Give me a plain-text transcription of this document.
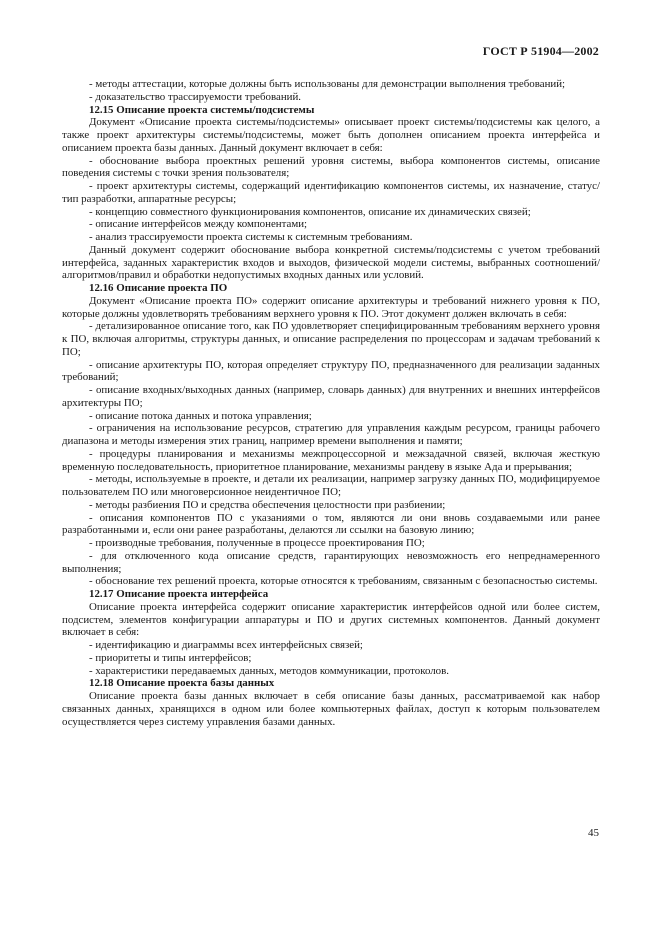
ГОСТ Р 51904—2002

- методы аттестации, которые должны быть использованы для демонстрации выполнения требований;

- доказательство трассируемости требований.

12.15 Описание проекта системы/подсистемы

Документ «Описание проекта системы/подсистемы» описывает проект системы/подсистемы как целого, а также проект архитектуры системы/подсистемы, может быть дополнен описанием проекта интерфейса и описанием проекта базы данных. Данный документ включает в себя:

- обоснование выбора проектных решений уровня системы, выбора компонентов системы, описание поведения системы с точки зрения пользователя;

- проект архитектуры системы, содержащий идентификацию компонентов системы, их назначение, статус/тип разработки, аппаратные ресурсы;

- концепцию совместного функционирования компонентов, описание их динамических связей;

- описание интерфейсов между компонентами;

- анализ трассируемости проекта системы к системным требованиям.

Данный документ содержит обоснование выбора конкретной системы/подсистемы с учетом требований интерфейса, заданных характеристик входов и выходов, физической модели системы, выбранных соотношений/алгоритмов/правил и обработки недопустимых входных данных или условий.

12.16 Описание проекта ПО

Документ «Описание проекта ПО» содержит описание архитектуры и требований нижнего уровня к ПО, которые должны удовлетворять требованиям верхнего уровня к ПО. Этот документ должен включать в себя:

- детализированное описание того, как ПО удовлетворяет специфицированным требованиям верхнего уровня к ПО, включая алгоритмы, структуры данных, и описание распределения по процессорам и задачам требований к ПО;

- описание архитектуры ПО, которая определяет структуру ПО, предназначенного для реализации заданных требований;

- описание входных/выходных данных (например, словарь данных) для внутренних и внешних интерфейсов архитектуры ПО;

- описание потока данных и потока управления;

- ограничения на использование ресурсов, стратегию для управления каждым ресурсом, границы рабочего диапазона и методы измерения этих границ, например времени выполнения и памяти;

- процедуры планирования и механизмы межпроцессорной и межзадачной связей, включая жесткую временную последовательность, приоритетное планирование, механизмы рандеву в языке Ада и прерывания;

- методы, используемые в проекте, и детали их реализации, например загрузку данных ПО, модифицируемое пользователем ПО или многоверсионное неидентичное ПО;

- методы разбиения ПО и средства обеспечения целостности при разбиении;

- описания компонентов ПО с указаниями о том, являются ли они вновь создаваемыми или ранее разработанными и, если они ранее разработаны, делаются ли ссылки на базовую линию;

- производные требования, полученные в процессе проектирования ПО;

- для отключенного кода описание средств, гарантирующих невозможность его непреднамеренного выполнения;

- обоснование тех решений проекта, которые относятся к требованиям, связанным с безопасностью системы.

12.17 Описание проекта интерфейса

Описание проекта интерфейса содержит описание характеристик интерфейсов одной или более систем, подсистем, элементов конфигурации аппаратуры и ПО и других системных компонентов. Данный документ включает в себя:

- идентификацию и диаграммы всех интерфейсных связей;

- приоритеты и типы интерфейсов;

- характеристики передаваемых данных, методов коммуникации, протоколов.

12.18 Описание проекта базы данных

Описание проекта базы данных включает в себя описание базы данных, рассматриваемой как набор связанных данных, хранящихся в одном или более компьютерных файлах, доступ к которым пользователем осуществляется через систему управления базами данных.

45
